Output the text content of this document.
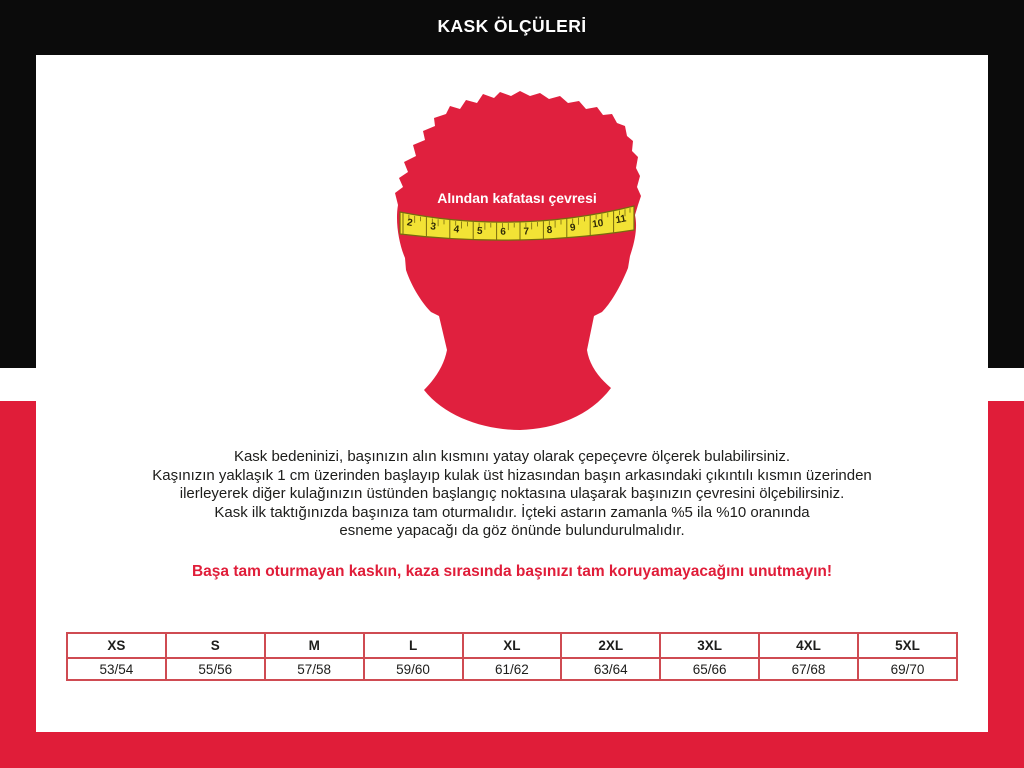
KASK ÖLÇÜLERİ
2 3 4 5 6 7 8 9 10 11
Alından kafatası çevresi
Kask bedeninizi, başınızın alın kısmını yatay olarak çepeçevre ölçerek bulabilirsiniz.
Kaşınızın yaklaşık 1 cm üzerinden başlayıp kulak üst hizasından başın arkasındaki çıkıntılı kısmın üzerinden
ilerleyerek diğer kulağınızın üstünden başlangıç noktasına ulaşarak başınızın çevresini ölçebilirsiniz.
Kask ilk taktığınızda başınıza tam oturmalıdır. İçteki astarın zamanla %5 ila %10 oranında
esneme yapacağı da göz önünde bulundurulmalıdır.
Başa tam oturmayan kaskın, kaza sırasında başınızı tam koruyamayacağını unutmayın!
XS	S	M	L	XL	2XL	3XL	4XL	5XL
53/54	55/56	57/58	59/60	61/62	63/64	65/66	67/68	69/70
